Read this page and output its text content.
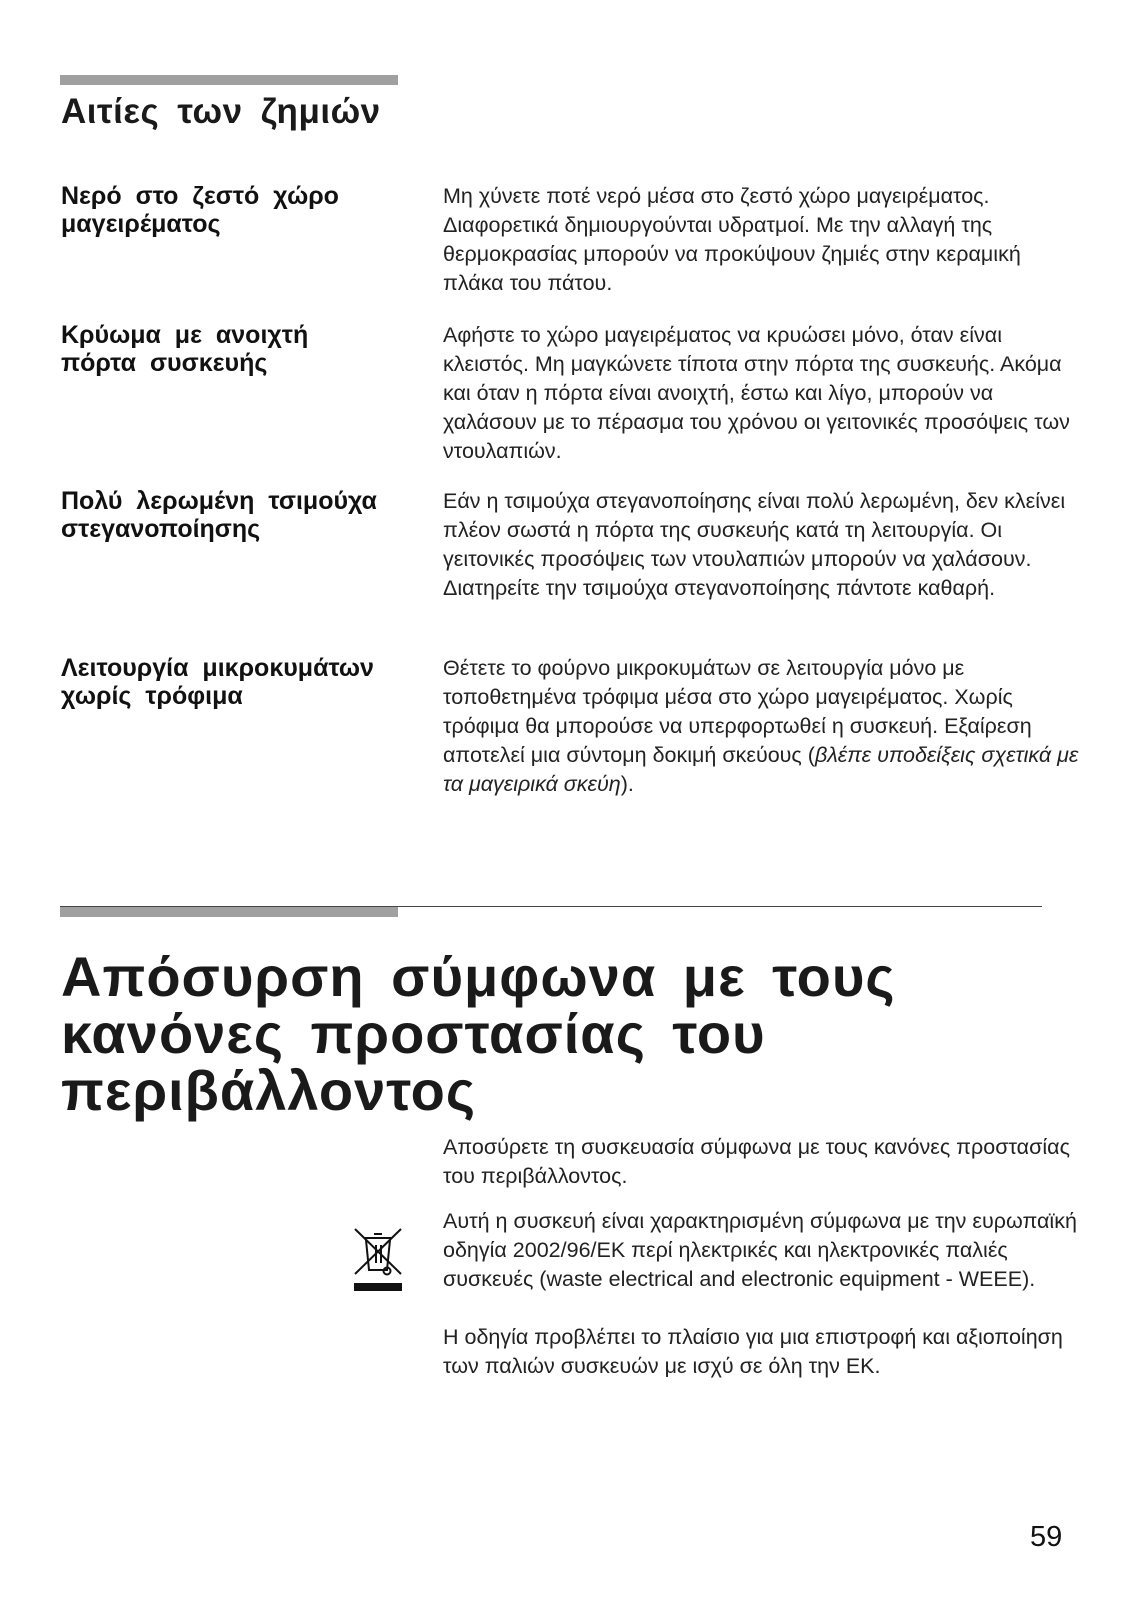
Αιτίες των ζημιών
Νερό στο ζεστό χώρο
μαγειρέματος
Μη χύνετε ποτέ νερό μέσα στο ζεστό χώρο μαγειρέματος. Διαφορετικά δημιουργούνται υδρατμοί. Με την αλλαγή της θερμοκρασίας μπορούν να προκύψουν ζημιές στην κεραμική πλάκα του πάτου.
Κρύωμα με ανοιχτή
πόρτα συσκευής
Αφήστε το χώρο μαγειρέματος να κρυώσει μόνο, όταν είναι κλειστός. Μη μαγκώνετε τίποτα στην πόρτα της συσκευής. Ακόμα και όταν η πόρτα είναι ανοιχτή, έστω και λίγο, μπορούν να χαλάσουν με το πέρασμα του χρόνου οι γειτονικές προσόψεις των ντουλαπιών.
Πολύ λερωμένη τσιμούχα
στεγανοποίησης
Εάν η τσιμούχα στεγανοποίησης είναι πολύ λερωμένη, δεν κλείνει πλέον σωστά η πόρτα της συσκευής κατά τη λειτουργία. Οι γειτονικές προσόψεις των ντουλαπιών μπορούν να χαλάσουν. Διατηρείτε την τσιμούχα στεγανοποίησης πάντοτε καθαρή.
Λειτουργία μικροκυμάτων
χωρίς τρόφιμα
Θέτετε το φούρνο μικροκυμάτων σε λειτουργία μόνο με τοποθετημένα τρόφιμα μέσα στο χώρο μαγειρέματος. Χωρίς τρόφιμα θα μπορούσε να υπερφορτωθεί η συσκευή. Εξαίρεση αποτελεί μια σύντομη δοκιμή σκεύους (βλέπε υποδείξεις σχετικά με τα μαγειρικά σκεύη).
Απόσυρση σύμφωνα με τους
κανόνες προστασίας του
περιβάλλοντος
Αποσύρετε τη συσκευασία σύμφωνα με τους κανόνες προστασίας του περιβάλλοντος.
Αυτή η συσκευή είναι χαρακτηρισμένη σύμφωνα με την ευρωπαϊκή οδηγία 2002/96/ΕΚ περί ηλεκτρικές και ηλεκτρονικές παλιές συσκευές (waste electrical and electronic equipment - WEEE).
Η οδηγία προβλέπει το πλαίσιο για μια επιστροφή και αξιοποίηση των παλιών συσκευών με ισχύ σε όλη την ΕΚ.
59
